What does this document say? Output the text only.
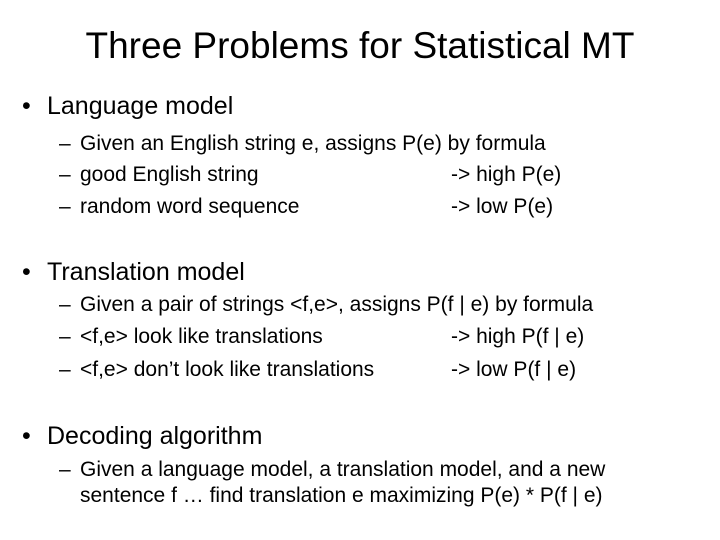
Three Problems for Statistical MT
• Language model
– Given an English string e, assigns P(e) by formula
– good English string	-> high P(e)
– random word sequence	-> low P(e)
• Translation model
– Given a pair of strings <f,e>, assigns P(f | e) by formula
– <f,e> look like translations	-> high P(f | e)
– <f,e> don’t look like translations	-> low P(f | e)
• Decoding algorithm
– Given a language model, a translation model, and a new
sentence f … find translation e maximizing P(e) * P(f | e)
